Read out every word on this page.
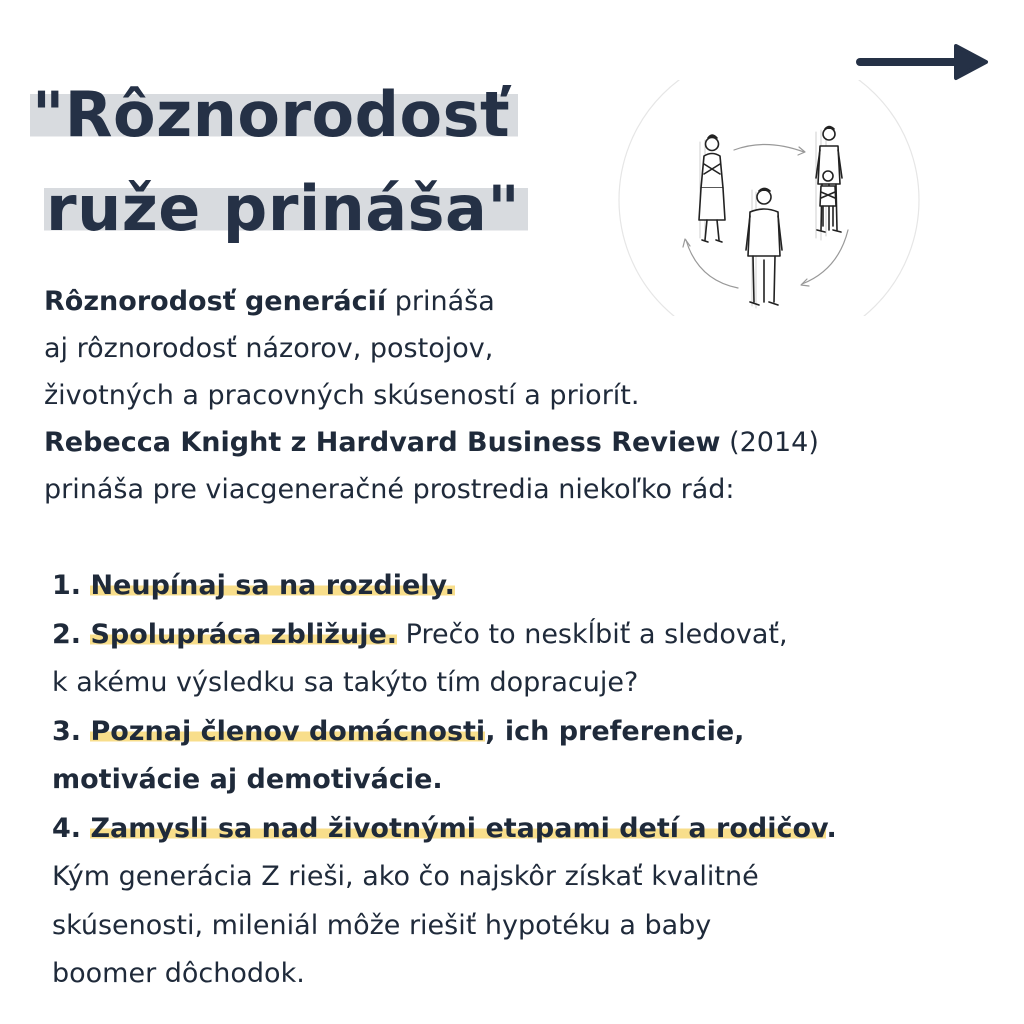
"Rôznorodosť
ruže prináša"
Rôznorodosť generácií prináša
aj rôznorodosť názorov, postojov,
životných a pracovných skúseností a priorít.
Rebecca Knight z Hardvard Business Review (2014)
prináša pre viacgeneračné prostredia niekoľko rád:
1. Neupínaj sa na rozdiely.
2. Spolupráca zbližuje. Prečo to neskĺbiť a sledovať,
k akému výsledku sa takýto tím dopracuje?
3. Poznaj členov domácnosti, ich preferencie,
motivácie aj demotivácie.
4. Zamysli sa nad životnými etapami detí a rodičov.
Kým generácia Z rieši, ako čo najskôr získať kvalitné
skúsenosti, mileniál môže riešiť hypotéku a baby
boomer dôchodok.
